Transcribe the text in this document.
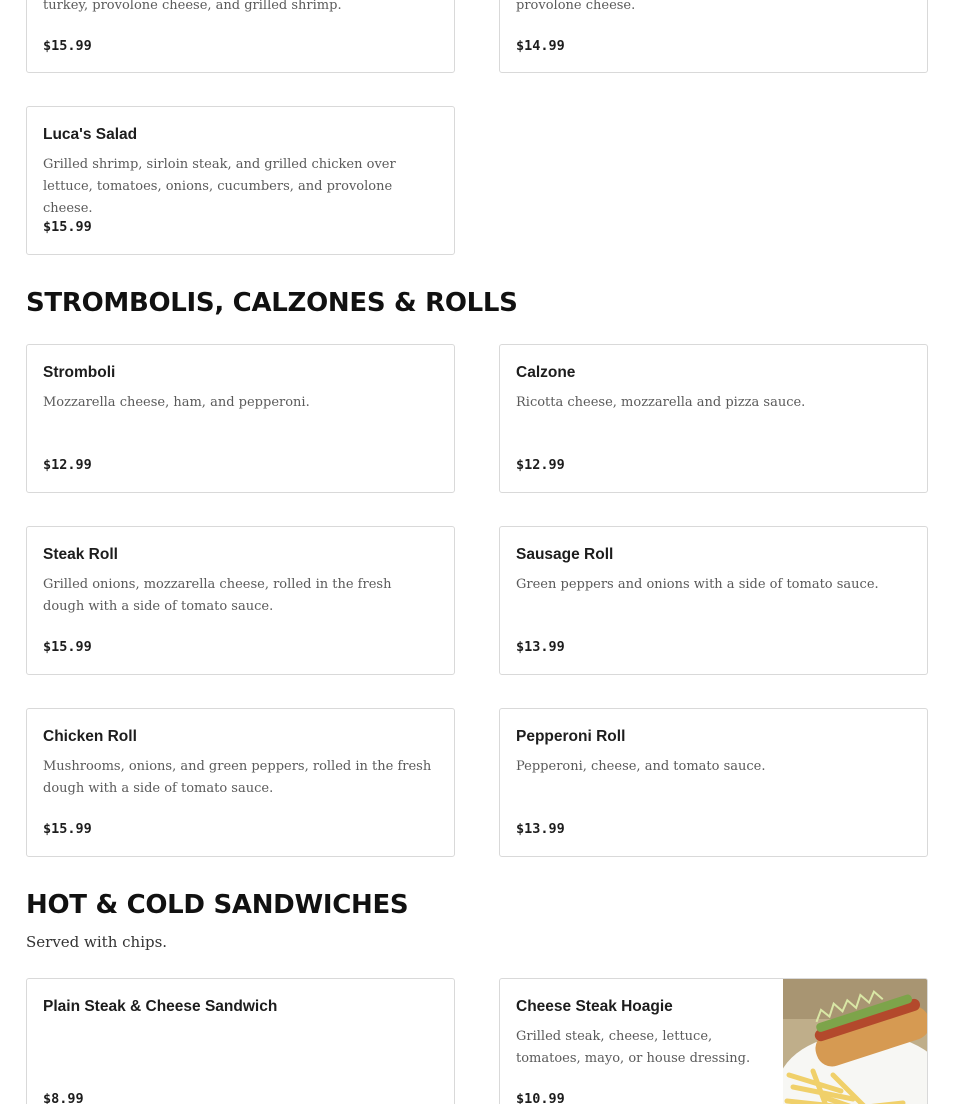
turkey, provolone cheese, and grilled shrimp.
$15.99
provolone cheese.
$14.99
Luca's Salad
Grilled shrimp, sirloin steak, and grilled chicken over lettuce, tomatoes, onions, cucumbers, and provolone cheese.
$15.99
STROMBOLIS, CALZONES & ROLLS
Stromboli
Mozzarella cheese, ham, and pepperoni.
$12.99
Calzone
Ricotta cheese, mozzarella and pizza sauce.
$12.99
Steak Roll
Grilled onions, mozzarella cheese, rolled in the fresh dough with a side of tomato sauce.
$15.99
Sausage Roll
Green peppers and onions with a side of tomato sauce.
$13.99
Chicken Roll
Mushrooms, onions, and green peppers, rolled in the fresh dough with a side of tomato sauce.
$15.99
Pepperoni Roll
Pepperoni, cheese, and tomato sauce.
$13.99
HOT & COLD SANDWICHES
Served with chips.
Plain Steak & Cheese Sandwich
$8.99
Cheese Steak Hoagie
Grilled steak, cheese, lettuce, tomatoes, mayo, or house dressing.
$10.99
